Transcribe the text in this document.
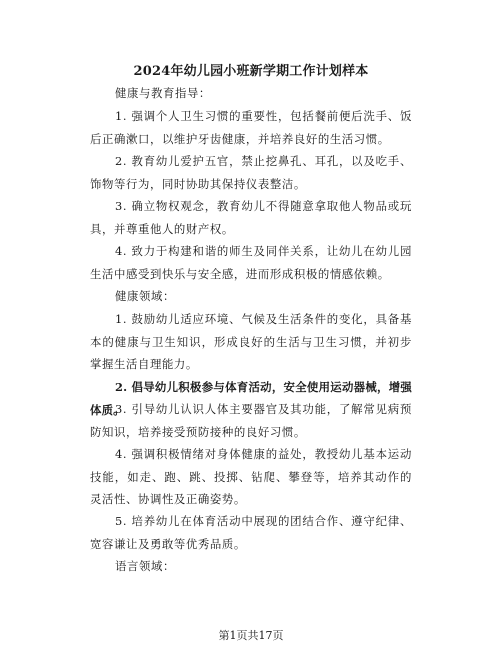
2024年幼儿园小班新学期工作计划样本

健康与教育指导：

1. 强调个人卫生习惯的重要性，包括餐前便后洗手、饭后正确漱口，以维护牙齿健康，并培养良好的生活习惯。

2. 教育幼儿爱护五官，禁止挖鼻孔、耳孔，以及吃手、饰物等行为，同时协助其保持仪表整洁。

3. 确立物权观念，教育幼儿不得随意拿取他人物品或玩具，并尊重他人的财产权。

4. 致力于构建和谐的师生及同伴关系，让幼儿在幼儿园生活中感受到快乐与安全感，进而形成积极的情感依赖。

健康领域：

1. 鼓励幼儿适应环境、气候及生活条件的变化，具备基本的健康与卫生知识，形成良好的生活与卫生习惯，并初步掌握生活自理能力。

2. 倡导幼儿积极参与体育活动，安全使用运动器械，增强体质。

3. 引导幼儿认识人体主要器官及其功能，了解常见病预防知识，培养接受预防接种的良好习惯。

4. 强调积极情绪对身体健康的益处，教授幼儿基本运动技能，如走、跑、跳、投掷、钻爬、攀登等，培养其动作的灵活性、协调性及正确姿势。

5. 培养幼儿在体育活动中展现的团结合作、遵守纪律、宽容谦让及勇敢等优秀品质。

语言领域：

第1页共17页
